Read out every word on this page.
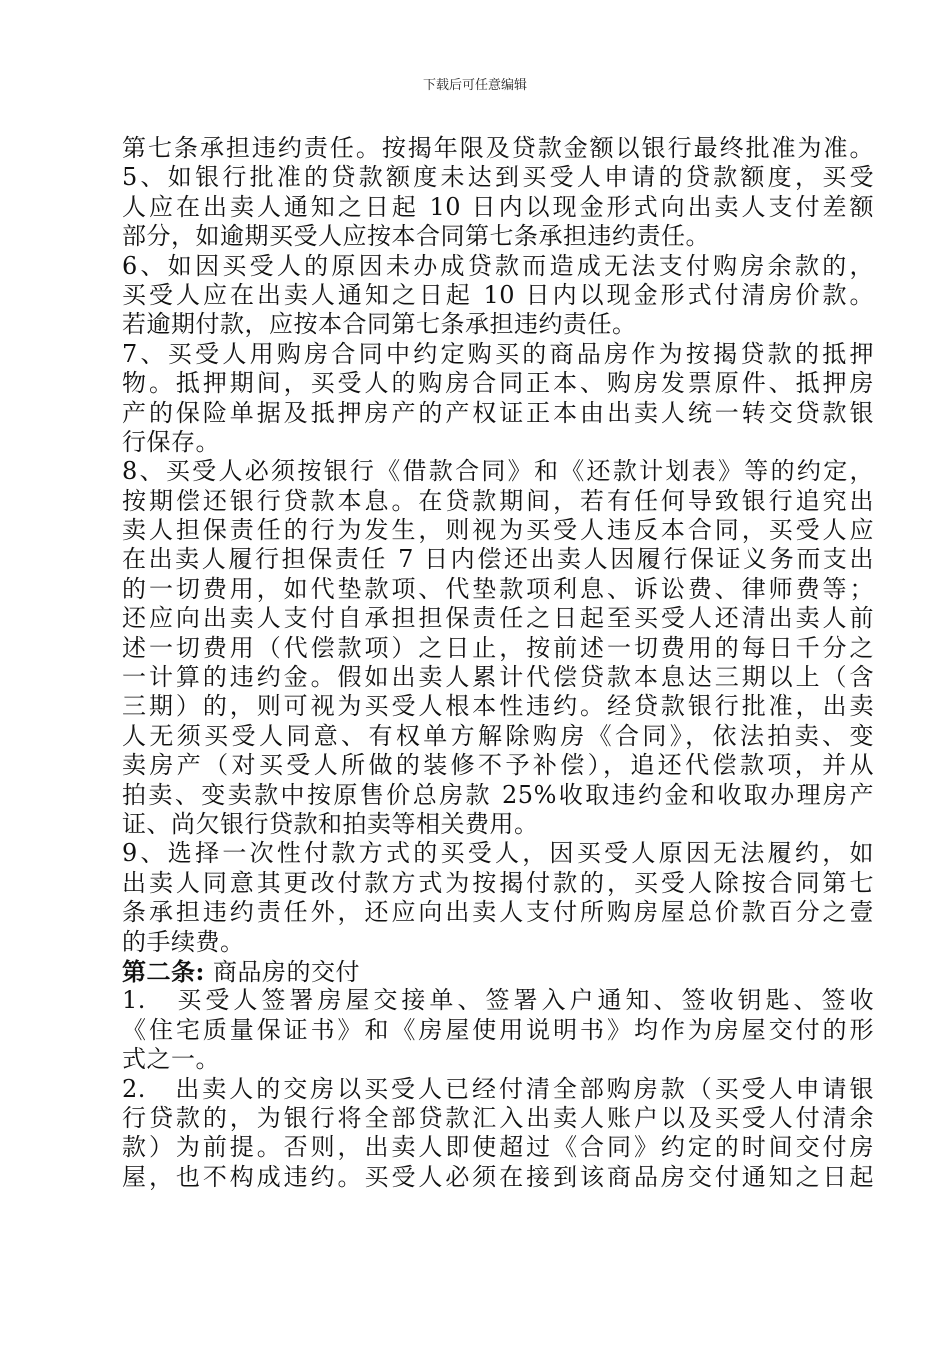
下载后可任意编辑
第七条承担违约责任。按揭年限及贷款金额以银行最终批准为准。
5、如银行批准的贷款额度未达到买受人申请的贷款额度，买受
人应在出卖人通知之日起 10 日内以现金形式向出卖人支付差额
部分，如逾期买受人应按本合同第七条承担违约责任。
6、如因买受人的原因未办成贷款而造成无法支付购房余款的，
买受人应在出卖人通知之日起 10 日内以现金形式付清房价款。
若逾期付款，应按本合同第七条承担违约责任。
7、买受人用购房合同中约定购买的商品房作为按揭贷款的抵押
物。抵押期间，买受人的购房合同正本、购房发票原件、抵押房
产的保险单据及抵押房产的产权证正本由出卖人统一转交贷款银
行保存。
8、买受人必须按银行《借款合同》和《还款计划表》等的约定，
按期偿还银行贷款本息。在贷款期间，若有任何导致银行追究出
卖人担保责任的行为发生，则视为买受人违反本合同，买受人应
在出卖人履行担保责任 7 日内偿还出卖人因履行保证义务而支出
的一切费用，如代垫款项、代垫款项利息、诉讼费、律师费等；
还应向出卖人支付自承担担保责任之日起至买受人还清出卖人前
述一切费用（代偿款项）之日止，按前述一切费用的每日千分之
一计算的违约金。假如出卖人累计代偿贷款本息达三期以上（含
三期）的，则可视为买受人根本性违约。经贷款银行批准，出卖
人无须买受人同意、有权单方解除购房《合同》，依法拍卖、变
卖房产（对买受人所做的装修不予补偿），追还代偿款项，并从
拍卖、变卖款中按原售价总房款 25%收取违约金和收取办理房产
证、尚欠银行贷款和拍卖等相关费用。
9、选择一次性付款方式的买受人，因买受人原因无法履约，如
出卖人同意其更改付款方式为按揭付款的，买受人除按合同第七
条承担违约责任外，还应向出卖人支付所购房屋总价款百分之壹
的手续费。
第二条: 商品房的交付
1.　买受人签署房屋交接单、签署入户通知、签收钥匙、签收
《住宅质量保证书》和《房屋使用说明书》均作为房屋交付的形
式之一。
2.　出卖人的交房以买受人已经付清全部购房款（买受人申请银
行贷款的，为银行将全部贷款汇入出卖人账户以及买受人付清余
款）为前提。否则，出卖人即使超过《合同》约定的时间交付房
屋，也不构成违约。买受人必须在接到该商品房交付通知之日起
